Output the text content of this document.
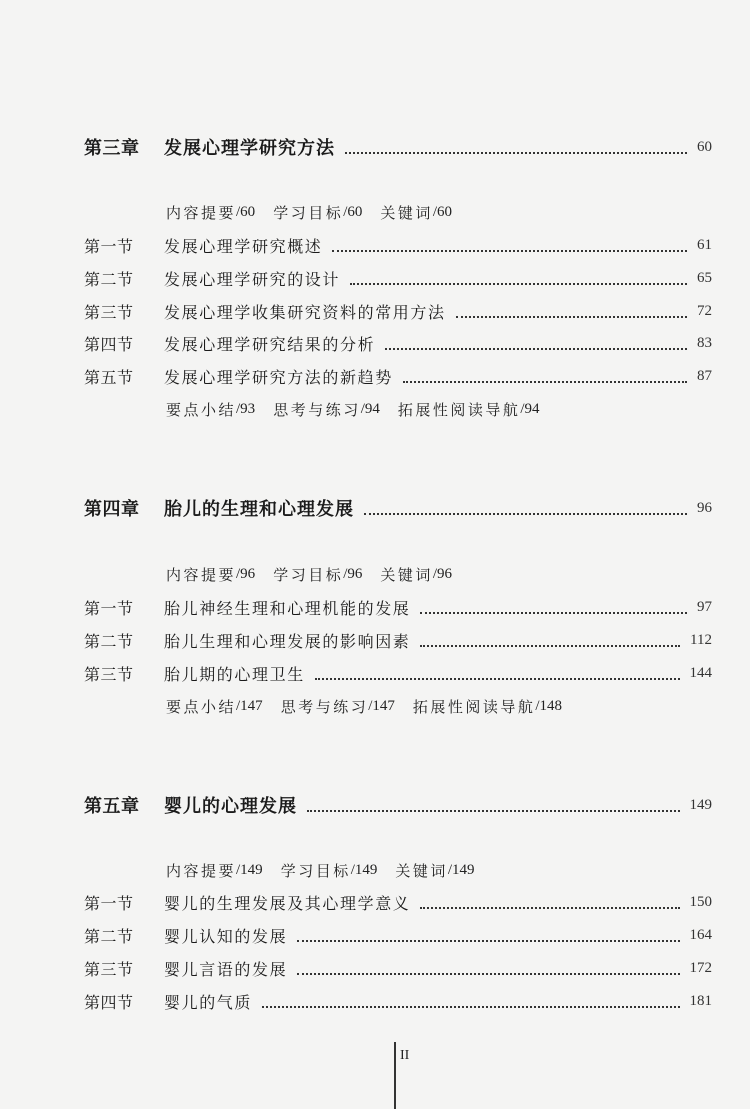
第三章	发展心理学研究方法	60
内容提要 /60 学习目标 /60 关键词 /60
第一节	发展心理学研究概述	61
第二节	发展心理学研究的设计	65
第三节	发展心理学收集研究资料的常用方法	72
第四节	发展心理学研究结果的分析	83
第五节	发展心理学研究方法的新趋势	87
要点小结 /93 思考与练习 /94 拓展性阅读导航 /94
第四章	胎儿的生理和心理发展	96
内容提要 /96 学习目标 /96 关键词 /96
第一节	胎儿神经生理和心理机能的发展	97
第二节	胎儿生理和心理发展的影响因素	112
第三节	胎儿期的心理卫生	144
要点小结 /147 思考与练习 /147 拓展性阅读导航 /148
第五章	婴儿的心理发展	149
内容提要 /149 学习目标 /149 关键词 /149
第一节	婴儿的生理发展及其心理学意义	150
第二节	婴儿认知的发展	164
第三节	婴儿言语的发展	172
第四节	婴儿的气质	181
II
